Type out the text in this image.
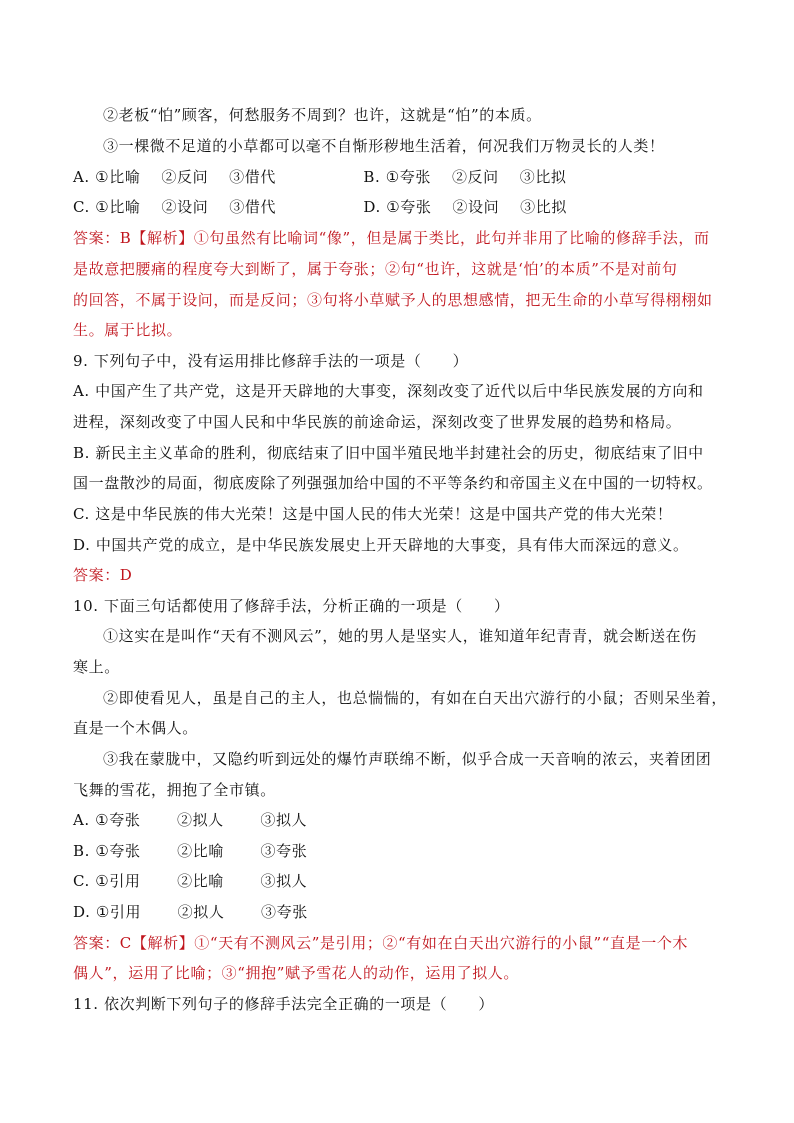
②老板“怕”顾客，何愁服务不周到？也许，这就是“怕”的本质。
③一棵微不足道的小草都可以毫不自惭形秽地生活着，何况我们万物灵长的人类！
A. ①比喻　 ②反问　 ③借代	B. ①夸张　 ②反问　 ③比拟
C. ①比喻　 ②设问　 ③借代	D. ①夸张　 ②设问　 ③比拟
答案：B【解析】①句虽然有比喻词“像”，但是属于类比，此句并非用了比喻的修辞手法，而
是故意把腰痛的程度夸大到断了，属于夸张；②句“也许，这就是‘怕’的本质”不是对前句
的回答，不属于设问，而是反问；③句将小草赋予人的思想感情，把无生命的小草写得栩栩如
生。属于比拟。
9. 下列句子中，没有运用排比修辞手法的一项是（　　）
A. 中国产生了共产党，这是开天辟地的大事变，深刻改变了近代以后中华民族发展的方向和
进程，深刻改变了中国人民和中华民族的前途命运，深刻改变了世界发展的趋势和格局。
B. 新民主主义革命的胜利，彻底结束了旧中国半殖民地半封建社会的历史，彻底结束了旧中
国一盘散沙的局面，彻底废除了列强强加给中国的不平等条约和帝国主义在中国的一切特权。
C. 这是中华民族的伟大光荣！这是中国人民的伟大光荣！这是中国共产党的伟大光荣！
D. 中国共产党的成立，是中华民族发展史上开天辟地的大事变，具有伟大而深远的意义。
答案：D
10. 下面三句话都使用了修辞手法，分析正确的一项是（　　）
①这实在是叫作“天有不测风云”，她的男人是坚实人，谁知道年纪青青，就会断送在伤
寒上。
②即使看见人，虽是自己的主人，也总惴惴的，有如在白天出穴游行的小鼠；否则呆坐着，
直是一个木偶人。
③我在蒙胧中，又隐约听到远处的爆竹声联绵不断，似乎合成一天音响的浓云，夹着团团
飞舞的雪花，拥抱了全市镇。
A. ①夸张　　 ②拟人　　 ③拟人
B. ①夸张　　 ②比喻　　 ③夸张
C. ①引用　　 ②比喻　　 ③拟人
D. ①引用　　 ②拟人　　 ③夸张
答案：C【解析】①“天有不测风云”是引用；②“有如在白天出穴游行的小鼠”“直是一个木
偶人”，运用了比喻；③“拥抱”赋予雪花人的动作，运用了拟人。
11. 依次判断下列句子的修辞手法完全正确的一项是（　　）
